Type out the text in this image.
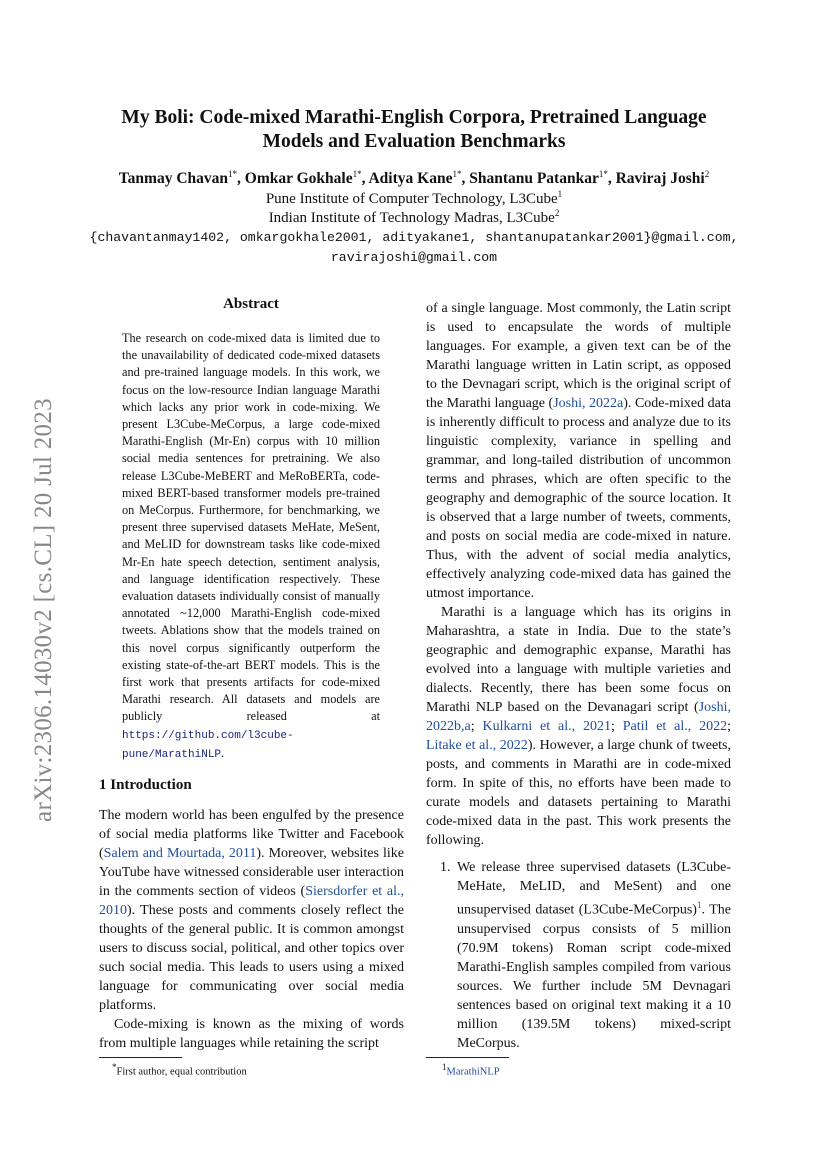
arXiv:2306.14030v2 [cs.CL] 20 Jul 2023
My Boli: Code-mixed Marathi-English Corpora, Pretrained Language
Models and Evaluation Benchmarks
Tanmay Chavan$^{1*}$, Omkar Gokhale$^{1*}$, Aditya Kane$^{1*}$, Shantanu Patankar$^{1*}$, Raviraj Joshi$^2$
Pune Institute of Computer Technology, L3Cube$^1$
Indian Institute of Technology Madras, L3Cube$^2$
{chavantanmay1402, omkargokhale2001, adityakane1, shantanupatankar2001}@gmail.com,
ravirajoshi@gmail.com
Abstract
The research on code-mixed data is limited due to the unavailability of dedicated code-mixed datasets and pre-trained language models. In this work, we focus on the low-resource Indian language Marathi which lacks any prior work in code-mixing. We present L3Cube-MeCorpus, a large code-mixed Marathi-English (Mr-En) corpus with 10 million social media sentences for pretraining. We also release L3Cube-MeBERT and MeRoBERTa, code-mixed BERT-based transformer models pre-trained on MeCorpus. Furthermore, for benchmarking, we present three supervised datasets MeHate, MeSent, and MeLID for downstream tasks like code-mixed Mr-En hate speech detection, sentiment analysis, and language identification respectively. These evaluation datasets individually consist of manually annotated ~12,000 Marathi-English code-mixed tweets. Ablations show that the models trained on this novel corpus significantly outperform the existing state-of-the-art BERT models. This is the first work that presents artifacts for code-mixed Marathi research. All datasets and models are publicly released at https://github.com/l3cube-pune/MarathiNLP.
1 Introduction

The modern world has been engulfed by the presence of social media platforms like Twitter and Facebook (Salem and Mourtada, 2011). Moreover, websites like YouTube have witnessed considerable user interaction in the comments section of videos (Siersdorfer et al., 2010). These posts and comments closely reflect the thoughts of the general public. It is common amongst users to discuss social, political, and other topics over such social media. This leads to users using a mixed language for communicating over social media platforms.

Code-mixing is known as the mixing of words from multiple languages while retaining the script

*First author, equal contribution

of a single language. Most commonly, the Latin script is used to encapsulate the words of multiple languages. For example, a given text can be of the Marathi language written in Latin script, as opposed to the Devnagari script, which is the original script of the Marathi language (Joshi, 2022a). Code-mixed data is inherently difficult to process and analyze due to its linguistic complexity, variance in spelling and grammar, and long-tailed distribution of uncommon terms and phrases, which are often specific to the geography and demographic of the source location. It is observed that a large number of tweets, comments, and posts on social media are code-mixed in nature. Thus, with the advent of social media analytics, effectively analyzing code-mixed data has gained the utmost importance.

Marathi is a language which has its origins in Maharashtra, a state in India. Due to the state’s geographic and demographic expanse, Marathi has evolved into a language with multiple varieties and dialects. Recently, there has been some focus on Marathi NLP based on the Devanagari script (Joshi, 2022b,a; Kulkarni et al., 2021; Patil et al., 2022; Litake et al., 2022). However, a large chunk of tweets, posts, and comments in Marathi are in code-mixed form. In spite of this, no efforts have been made to curate models and datasets pertaining to Marathi code-mixed data in the past. This work presents the following.

1. We release three supervised datasets (L3Cube-MeHate, MeLID, and MeSent) and one unsupervised dataset (L3Cube-MeCorpus)$^1$. The unsupervised corpus consists of 5 million (70.9M tokens) Roman script code-mixed Marathi-English samples compiled from various sources. We further include 5M Devnagari sentences based on original text making it a 10 million (139.5M tokens) mixed-script MeCorpus.
$^1$MarathiNLP
